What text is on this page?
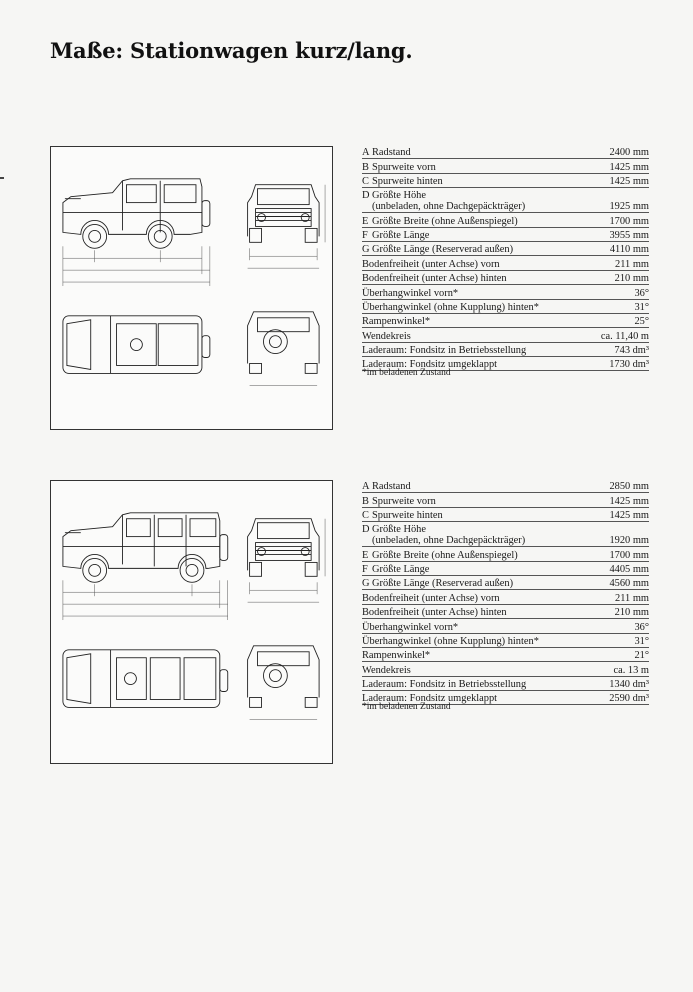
Maße: Stationwagen kurz/lang.
A Radstand	2400 mm
B Spurweite vorn	1425 mm
C Spurweite hinten	1425 mm
D Größte Höhe
(unbeladen, ohne Dachgepäckträger)	1925 mm
E Größte Breite (ohne Außenspiegel)	1700 mm
F Größte Länge	3955 mm
G Größte Länge (Reserverad außen)	4110 mm
Bodenfreiheit (unter Achse) vorn	211 mm
Bodenfreiheit (unter Achse) hinten	210 mm
Überhangwinkel vorn*	36°
Überhangwinkel (ohne Kupplung) hinten*	31°
Rampenwinkel*	25°
Wendekreis	ca. 11,40 m
Laderaum: Fondsitz in Betriebsstellung	743 dm³
Laderaum: Fondsitz umgeklappt	1730 dm³
*im beladenen Zustand
A Radstand	2850 mm
B Spurweite vorn	1425 mm
C Spurweite hinten	1425 mm
D Größte Höhe
(unbeladen, ohne Dachgepäckträger)	1920 mm
E Größte Breite (ohne Außenspiegel)	1700 mm
F Größte Länge	4405 mm
G Größte Länge (Reserverad außen)	4560 mm
Bodenfreiheit (unter Achse) vorn	211 mm
Bodenfreiheit (unter Achse) hinten	210 mm
Überhangwinkel vorn*	36°
Überhangwinkel (ohne Kupplung) hinten*	31°
Rampenwinkel*	21°
Wendekreis	ca. 13 m
Laderaum: Fondsitz in Betriebsstellung	1340 dm³
Laderaum: Fondsitz umgeklappt	2590 dm³
*im beladenen Zustand
